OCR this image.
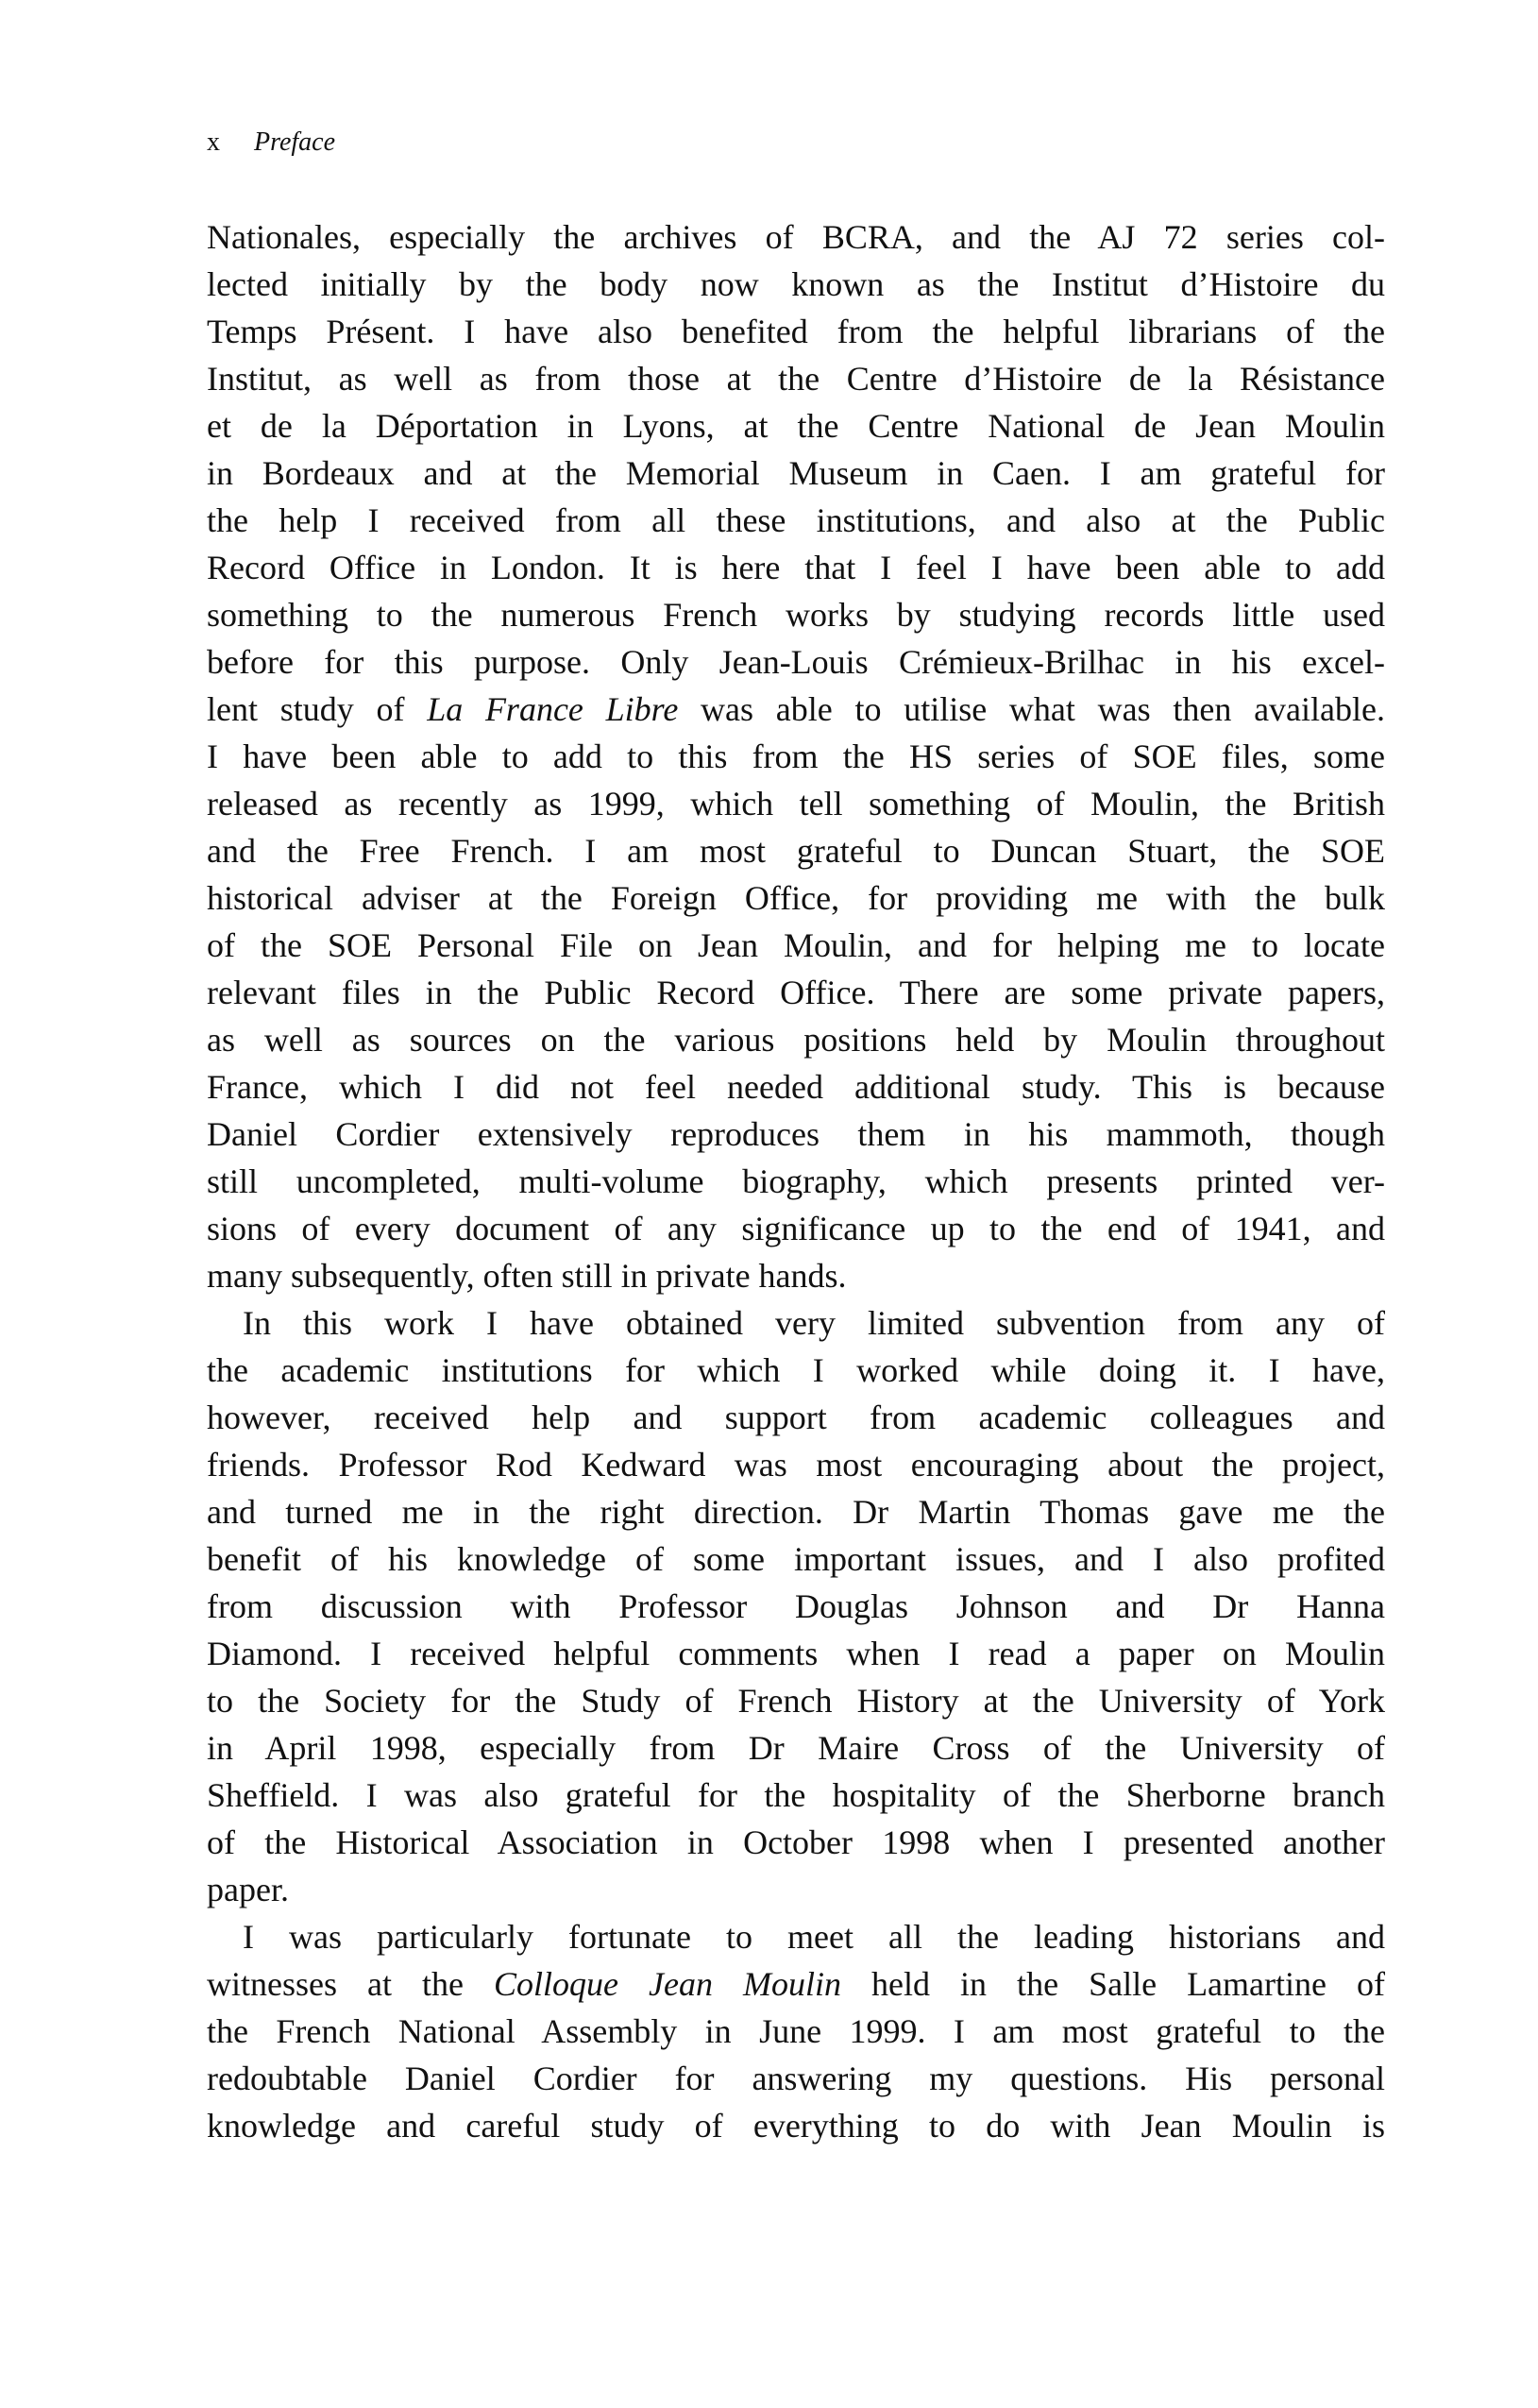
x Preface
Nationales, especially the archives of BCRA, and the AJ 72 series col-
lected initially by the body now known as the Institut d’Histoire du
Temps Présent. I have also benefited from the helpful librarians of the
Institut, as well as from those at the Centre d’Histoire de la Résistance
et de la Déportation in Lyons, at the Centre National de Jean Moulin
in Bordeaux and at the Memorial Museum in Caen. I am grateful for
the help I received from all these institutions, and also at the Public
Record Office in London. It is here that I feel I have been able to add
something to the numerous French works by studying records little used
before for this purpose. Only Jean-Louis Crémieux-Brilhac in his excel-
lent study of La France Libre was able to utilise what was then available.
I have been able to add to this from the HS series of SOE files, some
released as recently as 1999, which tell something of Moulin, the British
and the Free French. I am most grateful to Duncan Stuart, the SOE
historical adviser at the Foreign Office, for providing me with the bulk
of the SOE Personal File on Jean Moulin, and for helping me to locate
relevant files in the Public Record Office. There are some private papers,
as well as sources on the various positions held by Moulin throughout
France, which I did not feel needed additional study. This is because
Daniel Cordier extensively reproduces them in his mammoth, though
still uncompleted, multi-volume biography, which presents printed ver-
sions of every document of any significance up to the end of 1941, and
many subsequently, often still in private hands.
In this work I have obtained very limited subvention from any of
the academic institutions for which I worked while doing it. I have,
however, received help and support from academic colleagues and
friends. Professor Rod Kedward was most encouraging about the project,
and turned me in the right direction. Dr Martin Thomas gave me the
benefit of his knowledge of some important issues, and I also profited
from discussion with Professor Douglas Johnson and Dr Hanna
Diamond. I received helpful comments when I read a paper on Moulin
to the Society for the Study of French History at the University of York
in April 1998, especially from Dr Maire Cross of the University of
Sheffield. I was also grateful for the hospitality of the Sherborne branch
of the Historical Association in October 1998 when I presented another
paper.
I was particularly fortunate to meet all the leading historians and
witnesses at the Colloque Jean Moulin held in the Salle Lamartine of
the French National Assembly in June 1999. I am most grateful to the
redoubtable Daniel Cordier for answering my questions. His personal
knowledge and careful study of everything to do with Jean Moulin is
